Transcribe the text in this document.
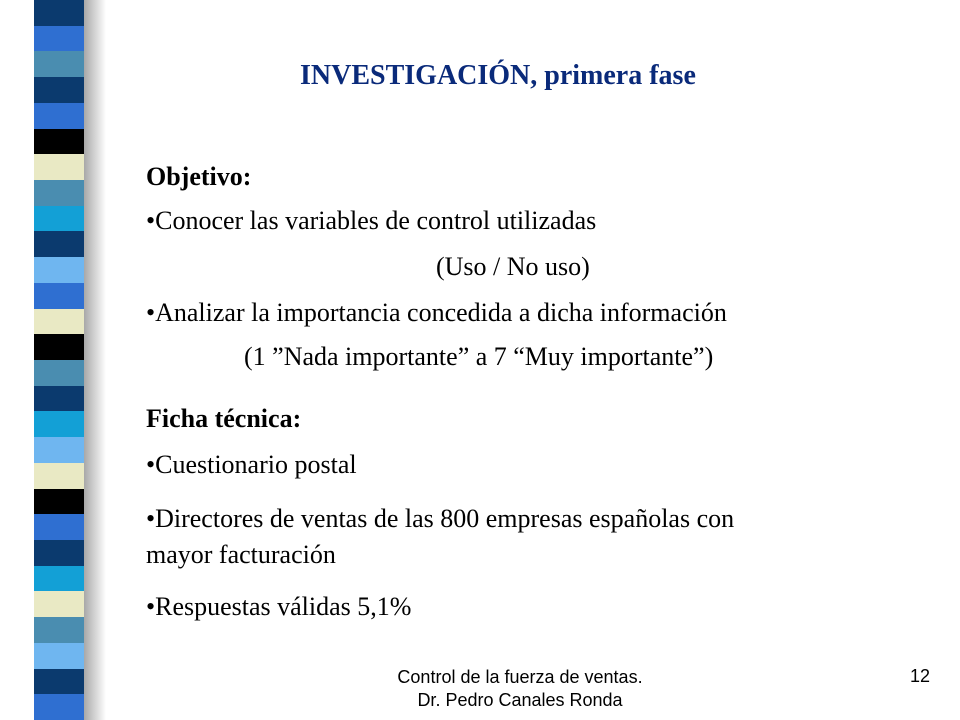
INVESTIGACIÓN, primera fase
Objetivo:
•Conocer las variables de control utilizadas
(Uso / No uso)
•Analizar la importancia concedida a dicha información
(1 ”Nada importante” a 7 “Muy importante”)
Ficha técnica:
•Cuestionario postal
•Directores de ventas de las 800 empresas españolas con
mayor facturación
•Respuestas válidas 5,1%
Control de la fuerza de ventas.
Dr. Pedro Canales Ronda
12
